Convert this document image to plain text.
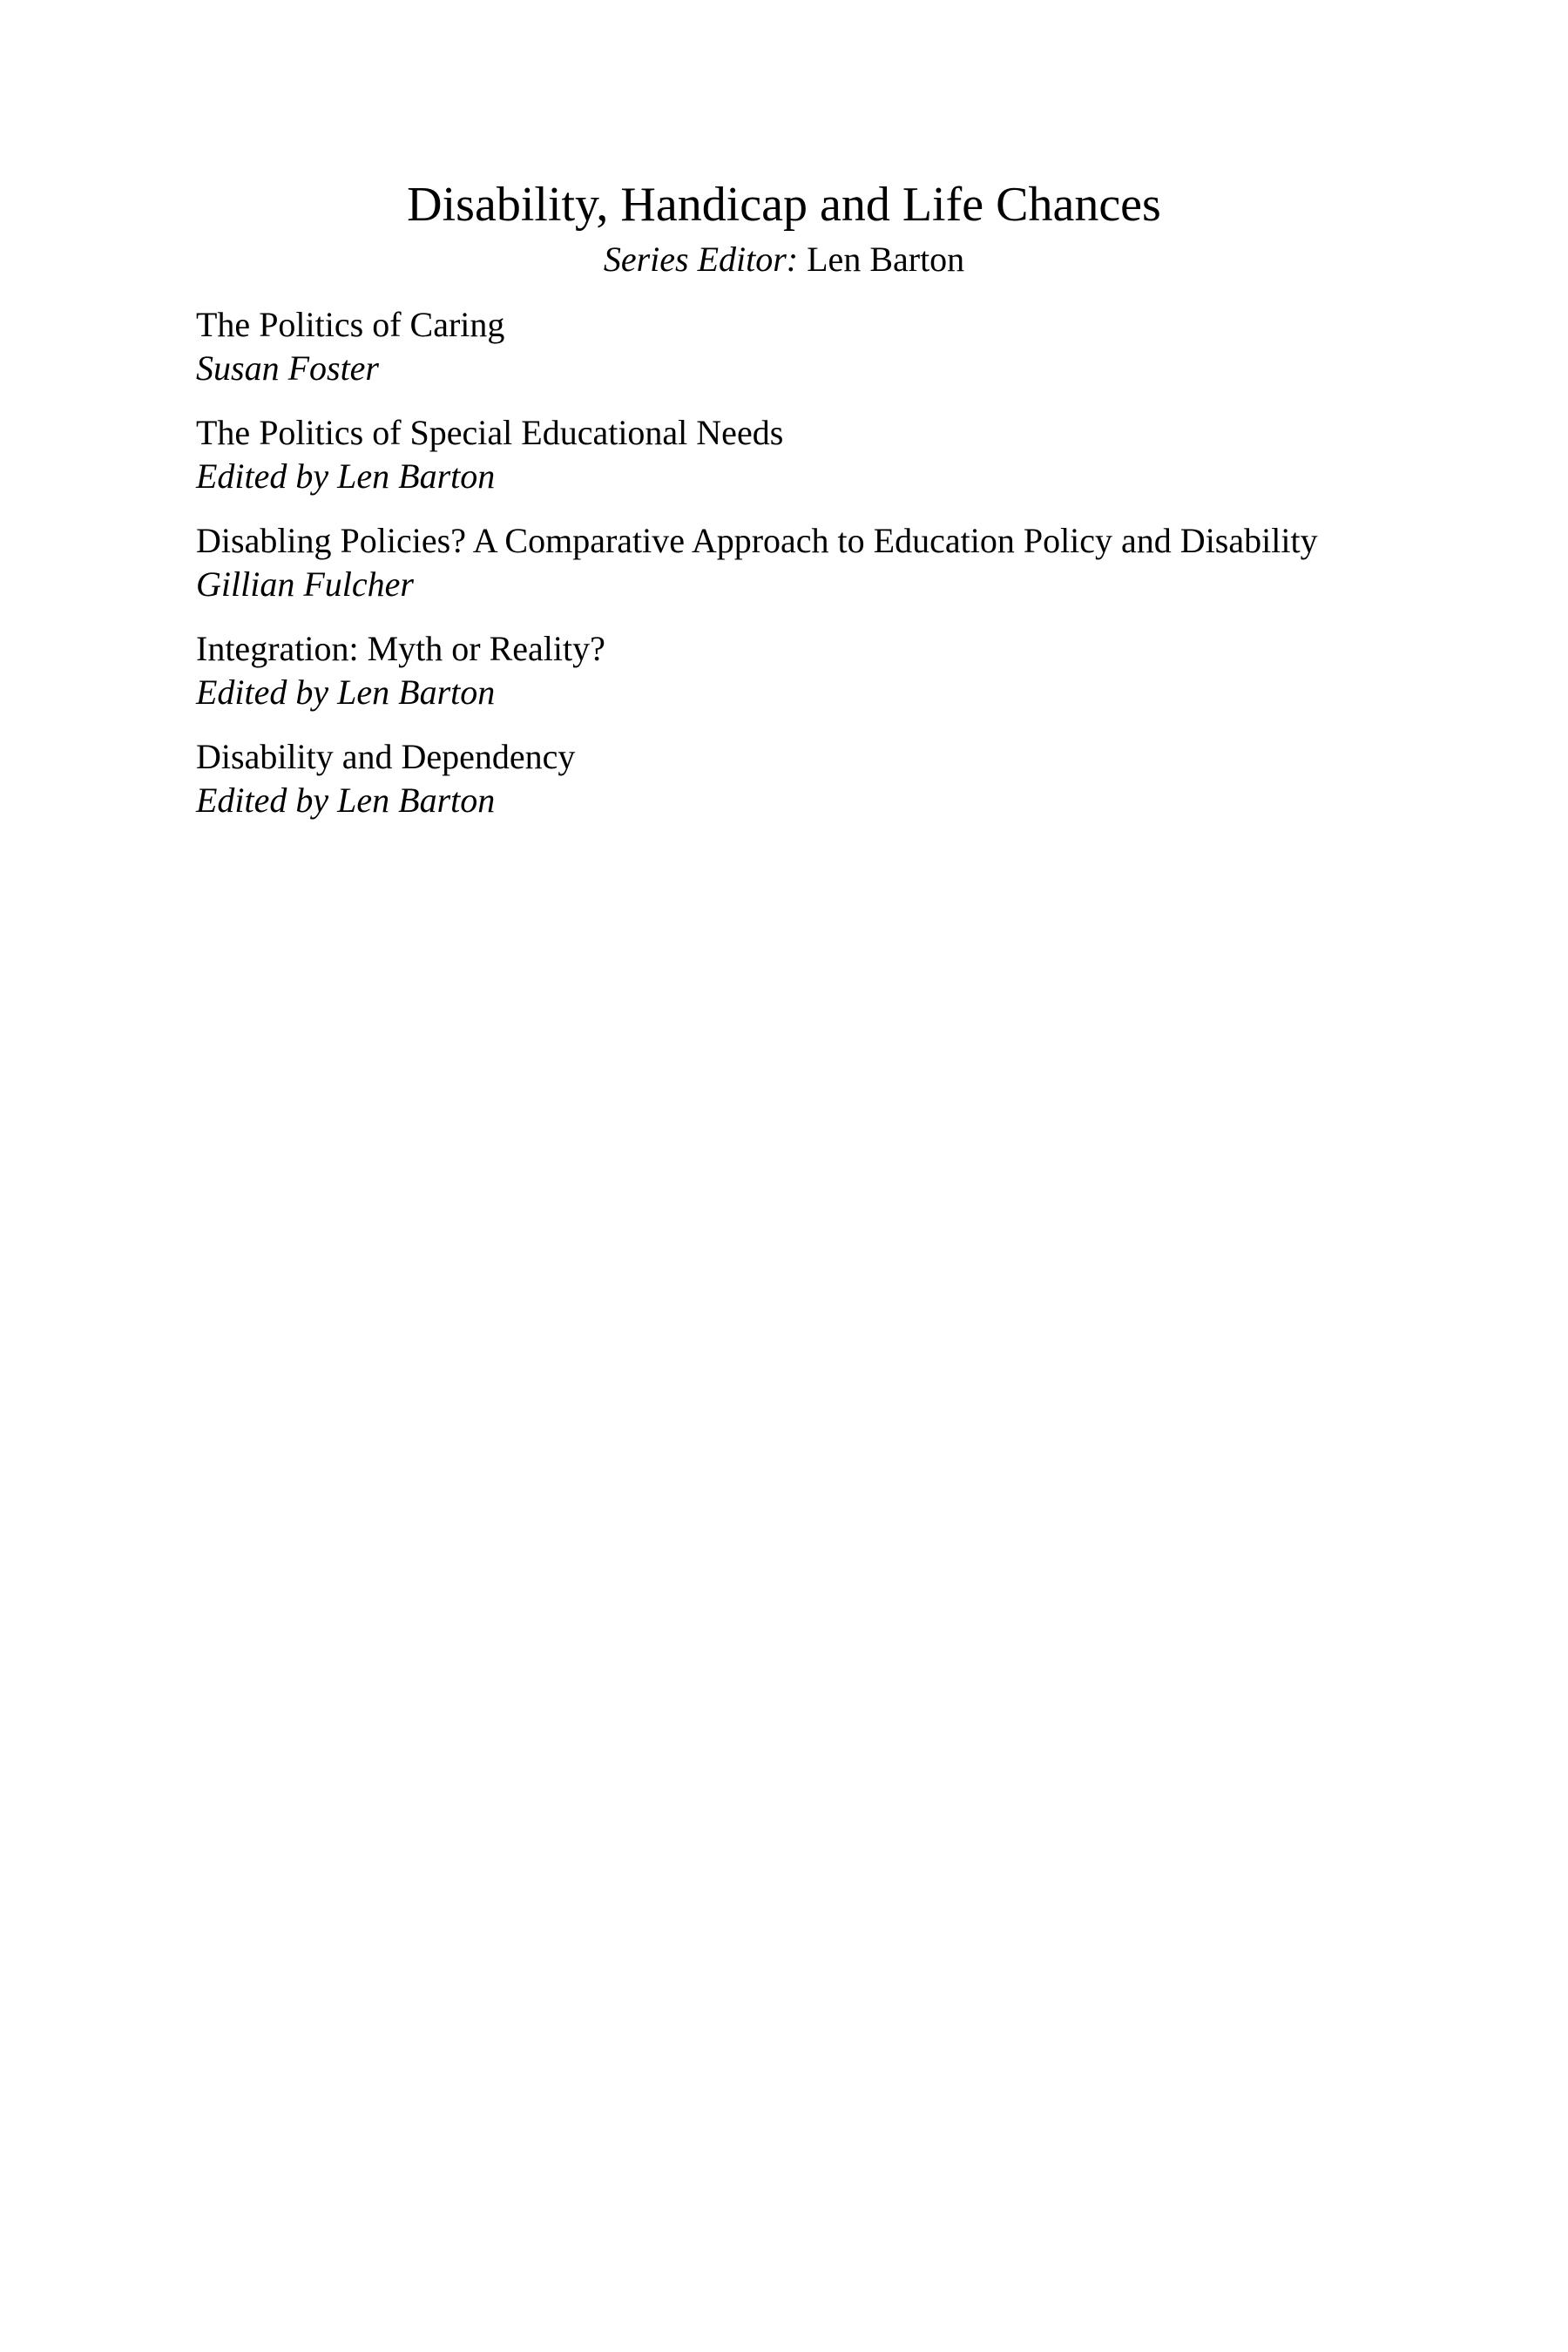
Disability, Handicap and Life Chances

Series Editor: Len Barton

The Politics of Caring
Susan Foster
The Politics of Special Educational Needs
Edited by Len Barton
Disabling Policies? A Comparative Approach to Education Policy and Disability
Gillian Fulcher
Integration: Myth or Reality?
Edited by Len Barton
Disability and Dependency
Edited by Len Barton
